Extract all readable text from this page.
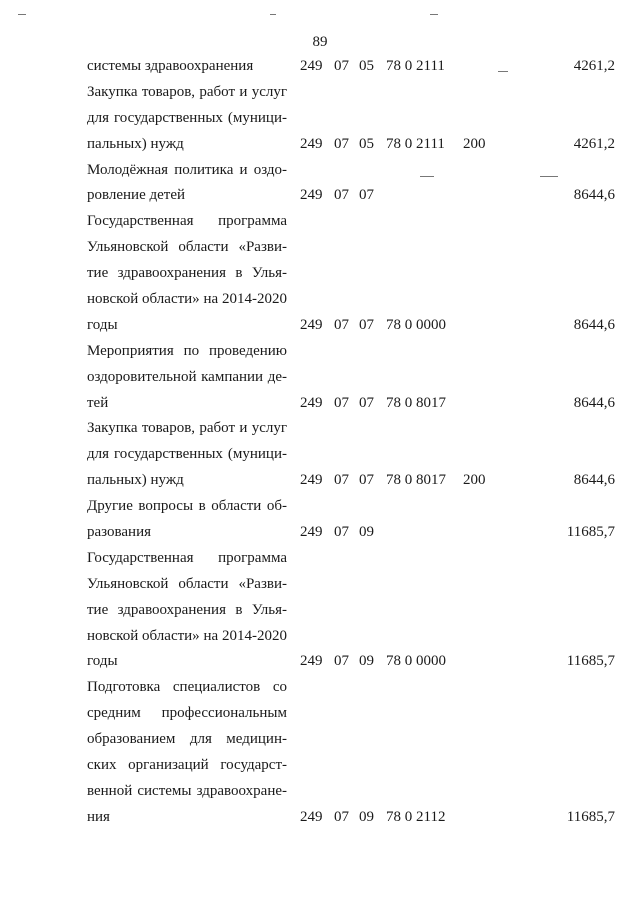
89
системы здравоохранения	249 07 05 78 0 2111	4261,2
Закупка товаров, работ и услуг
для государственных (муници-
пальных) нужд	249 07 05 78 0 2111 200	4261,2
Молодёжная политика и оздо-
ровление детей	249 07 07	8644,6
Государственная программа
Ульяновской области «Разви-
тие здравоохранения в Улья-
новской области» на 2014-2020
годы	249 07 07 78 0 0000	8644,6
Мероприятия по проведению
оздоровительной кампании де-
тей	249 07 07 78 0 8017	8644,6
Закупка товаров, работ и услуг
для государственных (муници-
пальных) нужд	249 07 07 78 0 8017 200	8644,6
Другие вопросы в области об-
разования	249 07 09	11685,7
Государственная программа
Ульяновской области «Разви-
тие здравоохранения в Улья-
новской области» на 2014-2020
годы	249 07 09 78 0 0000	11685,7
Подготовка специалистов со
средним профессиональным
образованием для медицин-
ских организаций государст-
венной системы здравоохране-
ния	249 07 09 78 0 2112	11685,7
